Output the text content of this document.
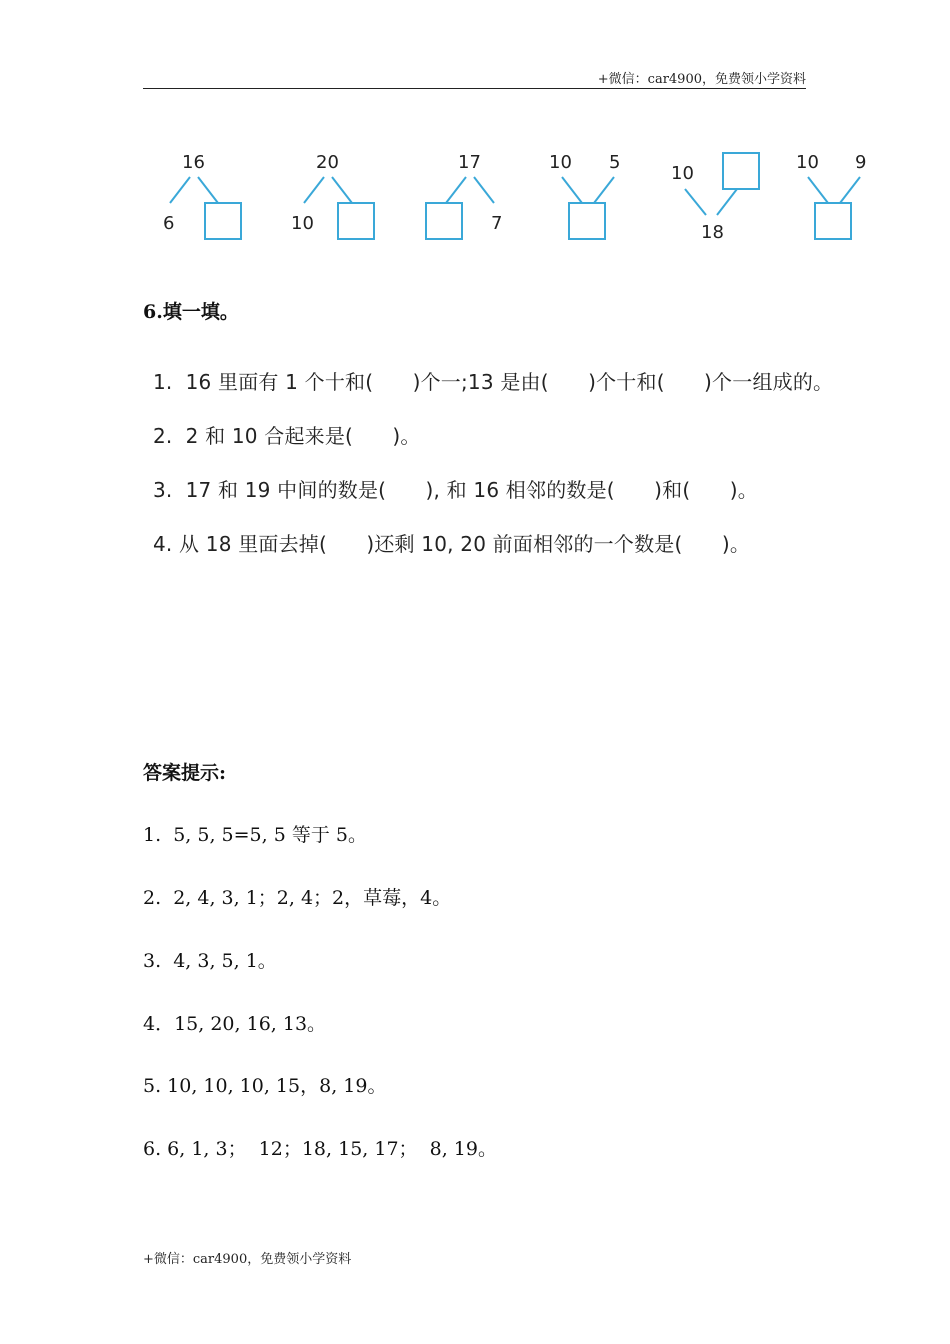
+微信：car4900，免费领小学资料
16
6
20
10
17
7
10 5
10
18
10 9
6.填一填。
1.  16 里面有 1 个十和(      )个一;13 是由(      )个十和(      )个一组成的。
2.  2 和 10 合起来是(      )。
3.  17 和 19 中间的数是(      ), 和 16 相邻的数是(      )和(      )。
4. 从 18 里面去掉(      )还剩 10, 20 前面相邻的一个数是(      )。
答案提示:
1.  5, 5, 5=5, 5 等于 5。
2.  2, 4, 3, 1；2, 4；2，草莓，4。
3.  4, 3, 5, 1。
4．15, 20, 16, 13。
5. 10, 10, 10, 15，8, 19。
6. 6, 1, 3；  12；18, 15, 17；  8, 19。
+微信：car4900，免费领小学资料
